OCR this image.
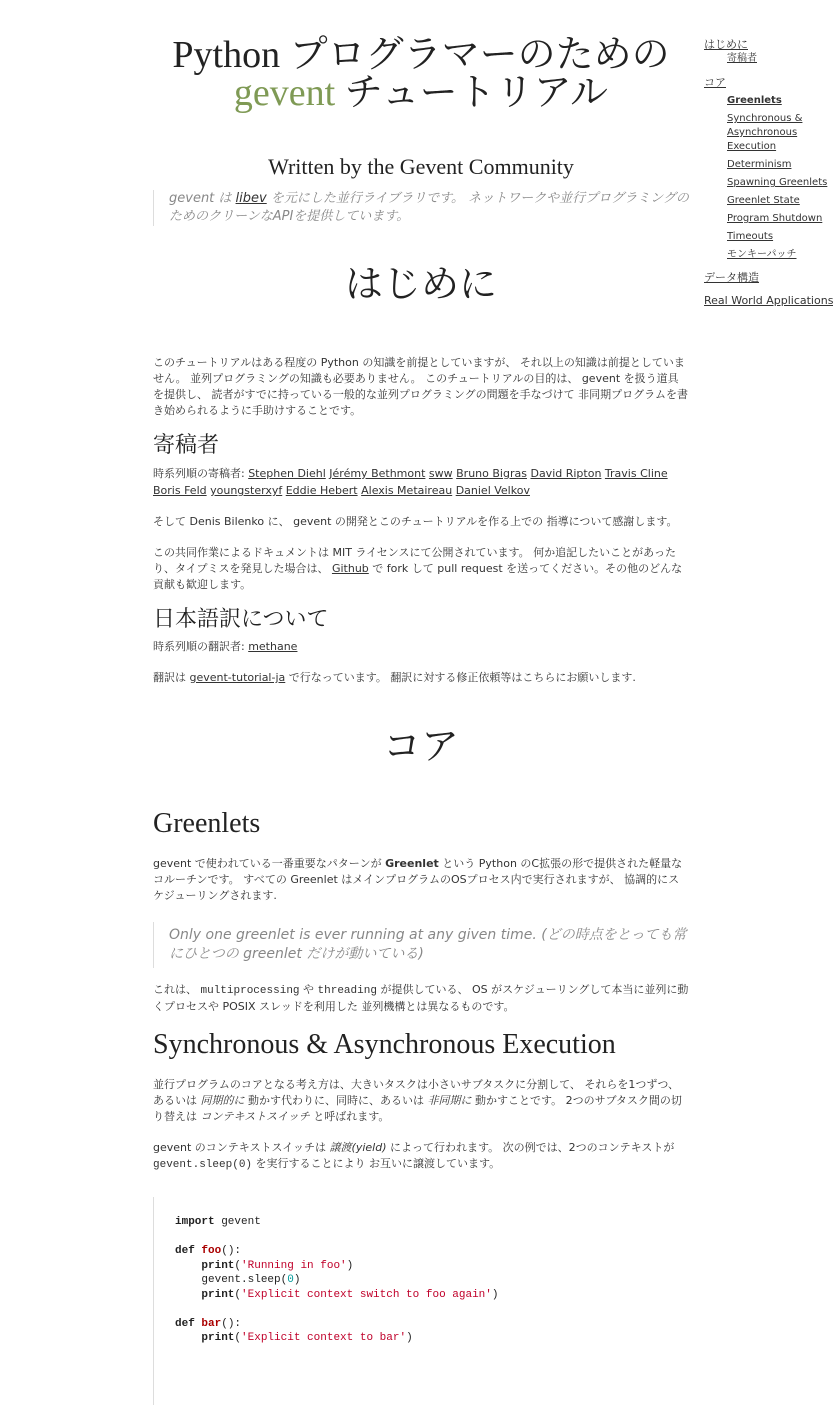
Python プログラマーのための
gevent チュートリアル
Written by the Gevent Community
gevent は libev を元にした並行ライブラリです。 ネットワークや並行プログラミングのためのクリーンなAPIを提供しています。
はじめに

このチュートリアルはある程度の Python の知識を前提としていますが、 それ以上の知識は前提としていません。 並列プログラミングの知識も必要ありません。 このチュートリアルの目的は、 gevent を扱う道具を提供し、 読者がすでに持っている一般的な並列プログラミングの問題を手なづけて 非同期プログラムを書き始められるように手助けすることです。

寄稿者

時系列順の寄稿者: Stephen Diehl Jérémy Bethmont sww Bruno Bigras David Ripton Travis Cline Boris Feld youngsterxyf Eddie Hebert Alexis Metaireau Daniel Velkov

そして Denis Bilenko に、 gevent の開発とこのチュートリアルを作る上での 指導について感謝します。

この共同作業によるドキュメントは MIT ライセンスにて公開されています。 何か追記したいことがあったり、タイプミスを発見した場合は、 Github で fork して pull request を送ってください。その他のどんな貢献も歓迎します。

日本語訳について

時系列順の翻訳者: methane

翻訳は gevent-tutorial-ja で行なっています。 翻訳に対する修正依頼等はこちらにお願いします.

コア
Greenlets

gevent で使われている一番重要なパターンが Greenlet という Python のC拡張の形で提供された軽量なコルーチンです。 すべての Greenlet はメインプログラムのOSプロセス内で実行されますが、 協調的にスケジューリングされます.

Only one greenlet is ever running at any given time. (どの時点をとっても常にひとつの greenlet だけが動いている)

これは、 multiprocessing や threading が提供している、 OS がスケジューリングして本当に並列に動くプロセスや POSIX スレッドを利用した 並列機構とは異なるものです。

Synchronous & Asynchronous Execution

並行プログラムのコアとなる考え方は、大きいタスクは小さいサブタスクに分割して、 それらを1つずつ、あるいは 同期的に 動かす代わりに、同時に、あるいは 非同期に 動かすことです。 2つのサブタスク間の切り替えは コンテキストスイッチ と呼ばれます。

gevent のコンテキストスイッチは 譲渡(yield) によって行われます。 次の例では、2つのコンテキストが gevent.sleep(0) を実行することにより お互いに譲渡しています。

import gevent

def foo():
print('Running in foo')
gevent.sleep(0)
print('Explicit context switch to foo again')

def bar():
print('Explicit context to bar')
はじめに
寄稿者
コア
Greenlets
Synchronous &
Asynchronous
Execution
Determinism
Spawning Greenlets
Greenlet State
Program Shutdown
Timeouts
モンキーパッチ
データ構造
Real World Applications
